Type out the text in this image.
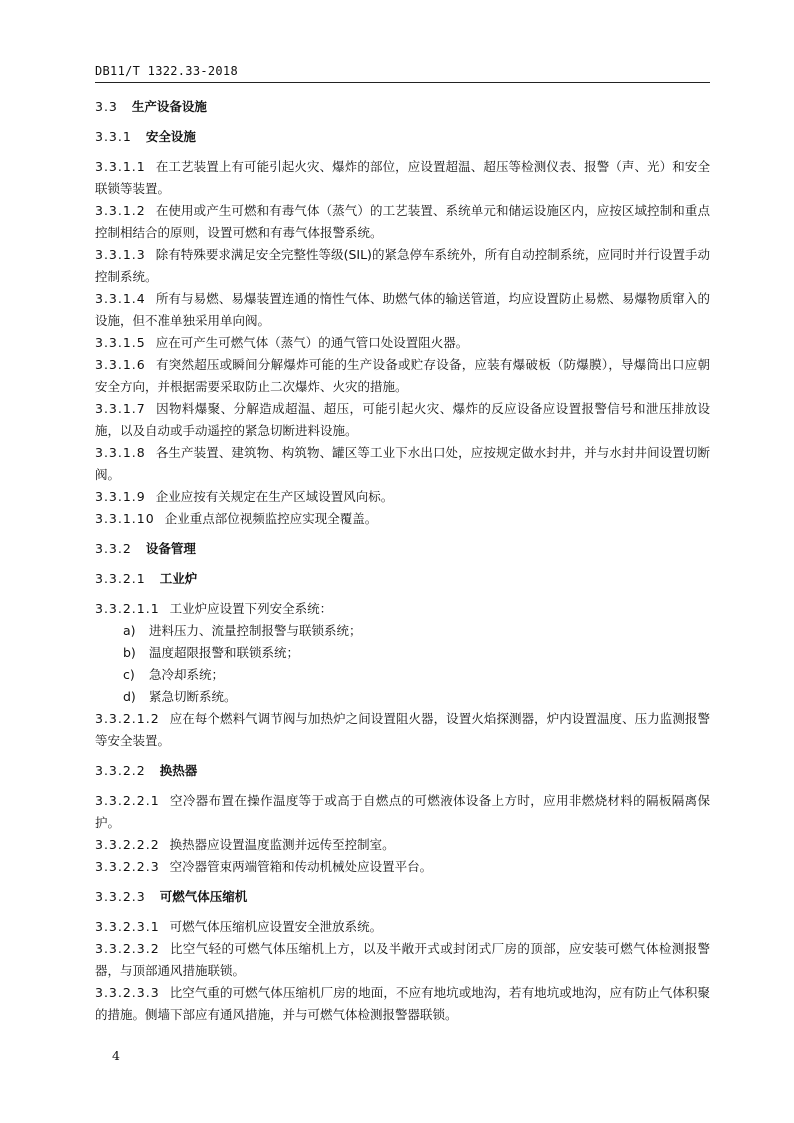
DB11/T 1322.33-2018
3.3 生产设备设施
3.3.1 安全设施
3.3.1.1 在工艺装置上有可能引起火灾、爆炸的部位，应设置超温、超压等检测仪表、报警（声、光）和安全联锁等装置。
3.3.1.2 在使用或产生可燃和有毒气体（蒸气）的工艺装置、系统单元和储运设施区内，应按区域控制和重点控制相结合的原则，设置可燃和有毒气体报警系统。
3.3.1.3 除有特殊要求满足安全完整性等级(SIL)的紧急停车系统外，所有自动控制系统，应同时并行设置手动控制系统。
3.3.1.4 所有与易燃、易爆装置连通的惰性气体、助燃气体的输送管道，均应设置防止易燃、易爆物质窜入的设施，但不准单独采用单向阀。
3.3.1.5 应在可产生可燃气体（蒸气）的通气管口处设置阻火器。
3.3.1.6 有突然超压或瞬间分解爆炸可能的生产设备或贮存设备，应装有爆破板（防爆膜），导爆筒出口应朝安全方向，并根据需要采取防止二次爆炸、火灾的措施。
3.3.1.7 因物料爆聚、分解造成超温、超压，可能引起火灾、爆炸的反应设备应设置报警信号和泄压排放设施，以及自动或手动遥控的紧急切断进料设施。
3.3.1.8 各生产装置、建筑物、构筑物、罐区等工业下水出口处，应按规定做水封井，并与水封井间设置切断阀。
3.3.1.9 企业应按有关规定在生产区域设置风向标。
3.3.1.10 企业重点部位视频监控应实现全覆盖。
3.3.2 设备管理
3.3.2.1 工业炉
3.3.2.1.1 工业炉应设置下列安全系统：
a)	进料压力、流量控制报警与联锁系统；
b)	温度超限报警和联锁系统；
c)	急冷却系统；
d)	紧急切断系统。
3.3.2.1.2 应在每个燃料气调节阀与加热炉之间设置阻火器，设置火焰探测器，炉内设置温度、压力监测报警等安全装置。
3.3.2.2 换热器
3.3.2.2.1 空冷器布置在操作温度等于或高于自燃点的可燃液体设备上方时，应用非燃烧材料的隔板隔离保护。
3.3.2.2.2 换热器应设置温度监测并远传至控制室。
3.3.2.2.3 空冷器管束两端管箱和传动机械处应设置平台。
3.3.2.3 可燃气体压缩机
3.3.2.3.1 可燃气体压缩机应设置安全泄放系统。
3.3.2.3.2 比空气轻的可燃气体压缩机上方，以及半敞开式或封闭式厂房的顶部，应安装可燃气体检测报警器，与顶部通风措施联锁。
3.3.2.3.3 比空气重的可燃气体压缩机厂房的地面，不应有地坑或地沟，若有地坑或地沟，应有防止气体积聚的措施。侧墙下部应有通风措施，并与可燃气体检测报警器联锁。
4
